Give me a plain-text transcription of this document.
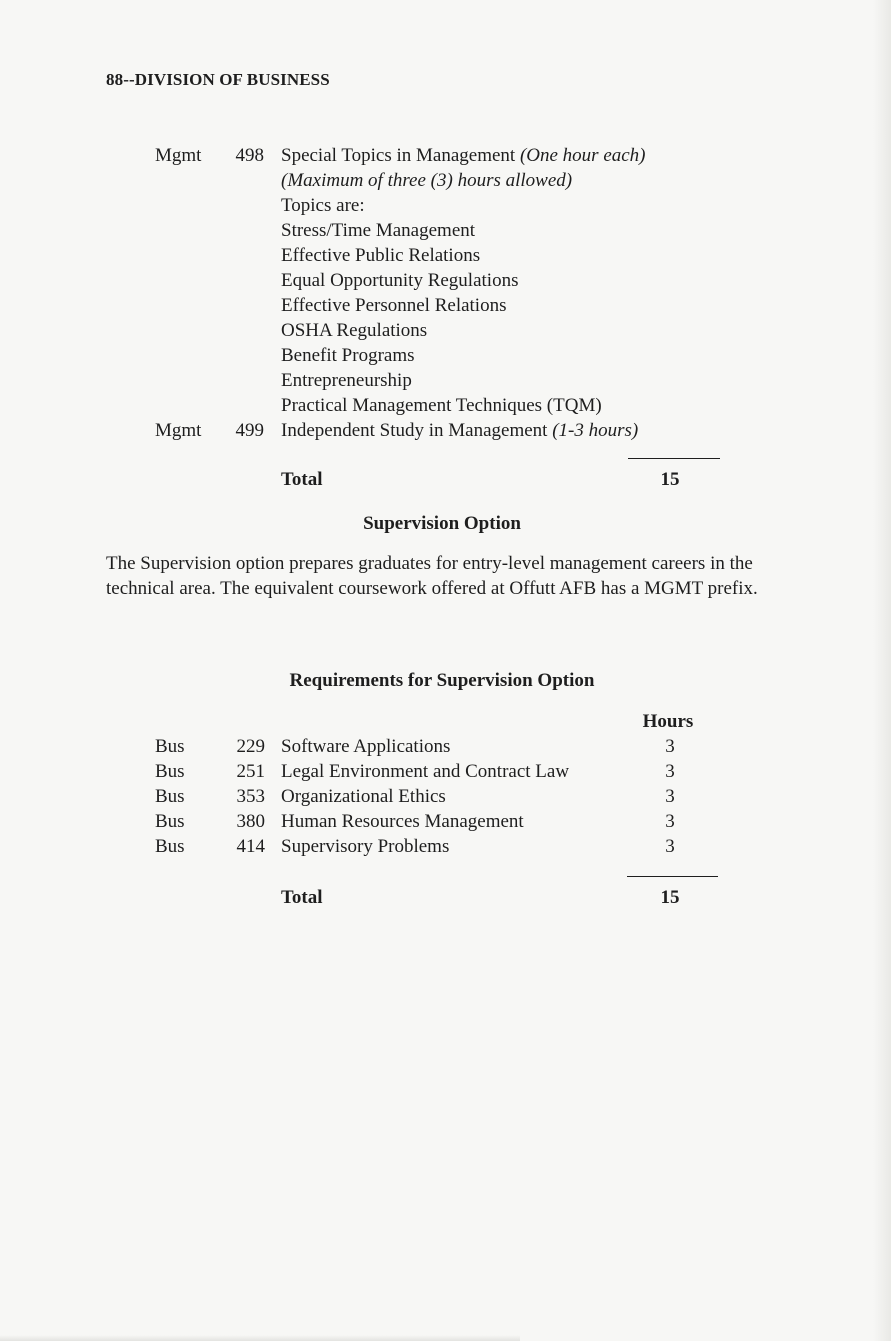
88--DIVISION OF BUSINESS
Mgmt 498 Special Topics in Management (One hour each)
(Maximum of three (3) hours allowed)
Topics are:
Stress/Time Management
Effective Public Relations
Equal Opportunity Regulations
Effective Personnel Relations
OSHA Regulations
Benefit Programs
Entrepreneurship
Practical Management Techniques (TQM)
Mgmt 499 Independent Study in Management (1-3 hours)
Total	15
Supervision Option
The Supervision option prepares graduates for entry-level management careers in the technical area. The equivalent coursework offered at Offutt AFB has a MGMT prefix.
Requirements for Supervision Option
Hours
Bus	229 Software Applications	3
Bus	251 Legal Environment and Contract Law	3
Bus	353 Organizational Ethics	3
Bus	380 Human Resources Management	3
Bus	414 Supervisory Problems	3
Total	15
